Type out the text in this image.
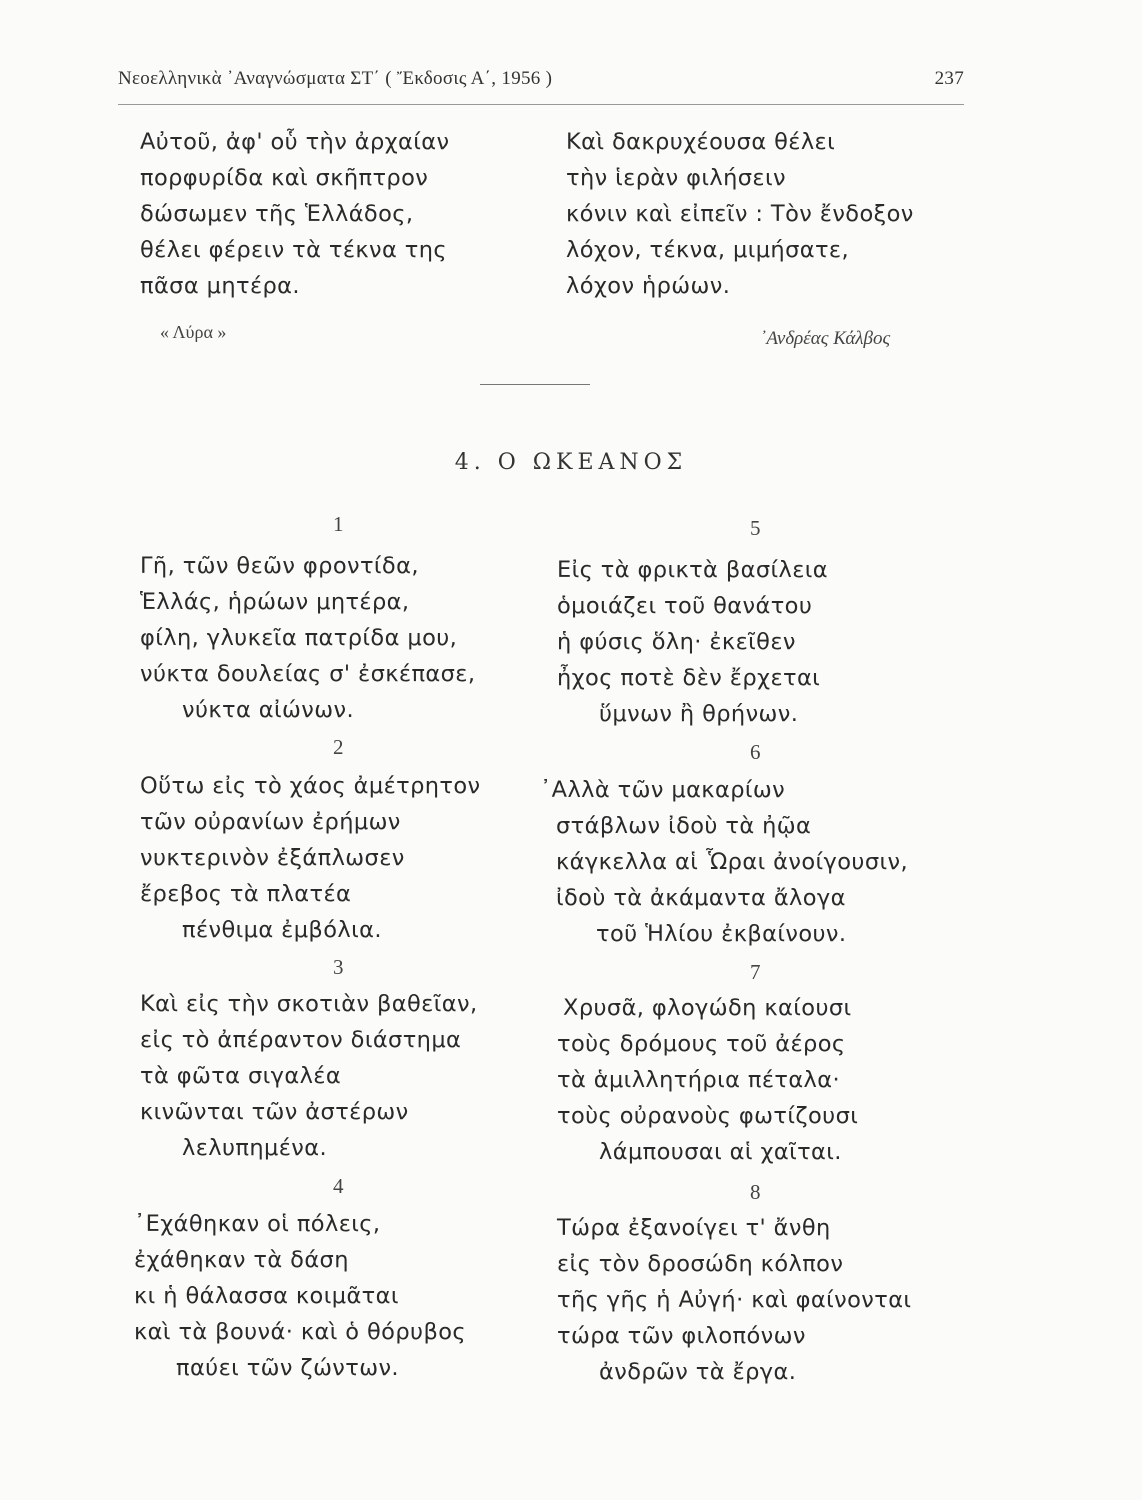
Νεοελληνικὰ ᾿Αναγνώσματα ΣΤ΄ ( Ἔκδοσις Α΄, 1956 )	237
Αὐτοῦ, ἀφ' οὗ τὴν ἀρχαίαν
πορφυρίδα καὶ σκῆπτρον
δώσωμεν τῆς Ἑλλάδος,
θέλει φέρειν τὰ τέκνα της
πᾶσα μητέρα.
Καὶ δακρυχέουσα θέλει
τὴν ἱερὰν φιλήσειν
κόνιν καὶ εἰπεῖν : Τὸν ἔνδοξον
λόχον, τέκνα, μιμήσατε,
λόχον ἡρώων.
« Λύρα »	᾿Ανδρέας Κάλβος
4. Ο ΩΚΕΑΝΟΣ
1
Γῆ, τῶν θεῶν φροντίδα,
Ἑλλάς, ἡρώων μητέρα,
φίλη, γλυκεῖα πατρίδα μου,
νύκτα δουλείας σ' ἐσκέπασε,
νύκτα αἰώνων.
2
Οὕτω εἰς τὸ χάος ἀμέτρητον
τῶν οὐρανίων ἐρήμων
νυκτερινὸν ἐξάπλωσεν
ἔρεβος τὰ πλατέα
πένθιμα ἐμβόλια.
3
Καὶ εἰς τὴν σκοτιὰν βαθεῖαν,
εἰς τὸ ἀπέραντον διάστημα
τὰ φῶτα σιγαλέα
κινῶνται τῶν ἀστέρων
λελυπημένα.
4
᾿Εχάθηκαν οἱ πόλεις,
ἐχάθηκαν τὰ δάση
κι ἡ θάλασσα κοιμᾶται
καὶ τὰ βουνά· καὶ ὁ θόρυβος
παύει τῶν ζώντων.
5
Εἰς τὰ φρικτὰ βασίλεια
ὁμοιάζει τοῦ θανάτου
ἡ φύσις ὅλη· ἐκεῖθεν
ἦχος ποτὲ δὲν ἔρχεται
ὕμνων ἢ θρήνων.
6
᾿Αλλὰ τῶν μακαρίων
στάβλων ἰδοὺ τὰ ἠῷα
κάγκελλα αἱ Ὧραι ἀνοίγουσιν,
ἰδοὺ τὰ ἀκάμαντα ἄλογα
τοῦ Ἡλίου ἐκβαίνουν.
7
Χρυσᾶ, φλογώδη καίουσι
τοὺς δρόμους τοῦ ἀέρος
τὰ ἁμιλλητήρια πέταλα·
τοὺς οὐρανοὺς φωτίζουσι
λάμπουσαι αἱ χαῖται.
8
Τώρα ἐξανοίγει τ' ἄνθη
εἰς τὸν δροσώδη κόλπον
τῆς γῆς ἡ Αὐγή· καὶ φαίνονται
τώρα τῶν φιλοπόνων
ἀνδρῶν τὰ ἔργα.
